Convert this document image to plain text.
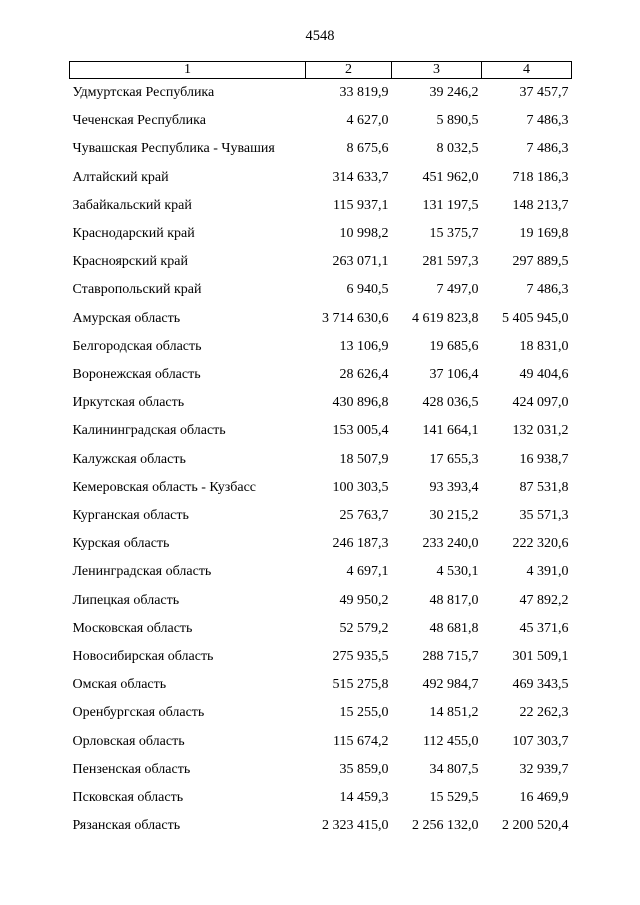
4548
1	2	3	4
Удмуртская Республика	33 819,9	39 246,2	37 457,7
Чеченская Республика	4 627,0	5 890,5	7 486,3
Чувашская Республика - Чувашия	8 675,6	8 032,5	7 486,3
Алтайский край	314 633,7	451 962,0	718 186,3
Забайкальский край	115 937,1	131 197,5	148 213,7
Краснодарский край	10 998,2	15 375,7	19 169,8
Красноярский край	263 071,1	281 597,3	297 889,5
Ставропольский край	6 940,5	7 497,0	7 486,3
Амурская область	3 714 630,6	4 619 823,8	5 405 945,0
Белгородская область	13 106,9	19 685,6	18 831,0
Воронежская область	28 626,4	37 106,4	49 404,6
Иркутская область	430 896,8	428 036,5	424 097,0
Калининградская область	153 005,4	141 664,1	132 031,2
Калужская область	18 507,9	17 655,3	16 938,7
Кемеровская область - Кузбасс	100 303,5	93 393,4	87 531,8
Курганская область	25 763,7	30 215,2	35 571,3
Курская область	246 187,3	233 240,0	222 320,6
Ленинградская область	4 697,1	4 530,1	4 391,0
Липецкая область	49 950,2	48 817,0	47 892,2
Московская область	52 579,2	48 681,8	45 371,6
Новосибирская область	275 935,5	288 715,7	301 509,1
Омская область	515 275,8	492 984,7	469 343,5
Оренбургская область	15 255,0	14 851,2	22 262,3
Орловская область	115 674,2	112 455,0	107 303,7
Пензенская область	35 859,0	34 807,5	32 939,7
Псковская область	14 459,3	15 529,5	16 469,9
Рязанская область	2 323 415,0	2 256 132,0	2 200 520,4
